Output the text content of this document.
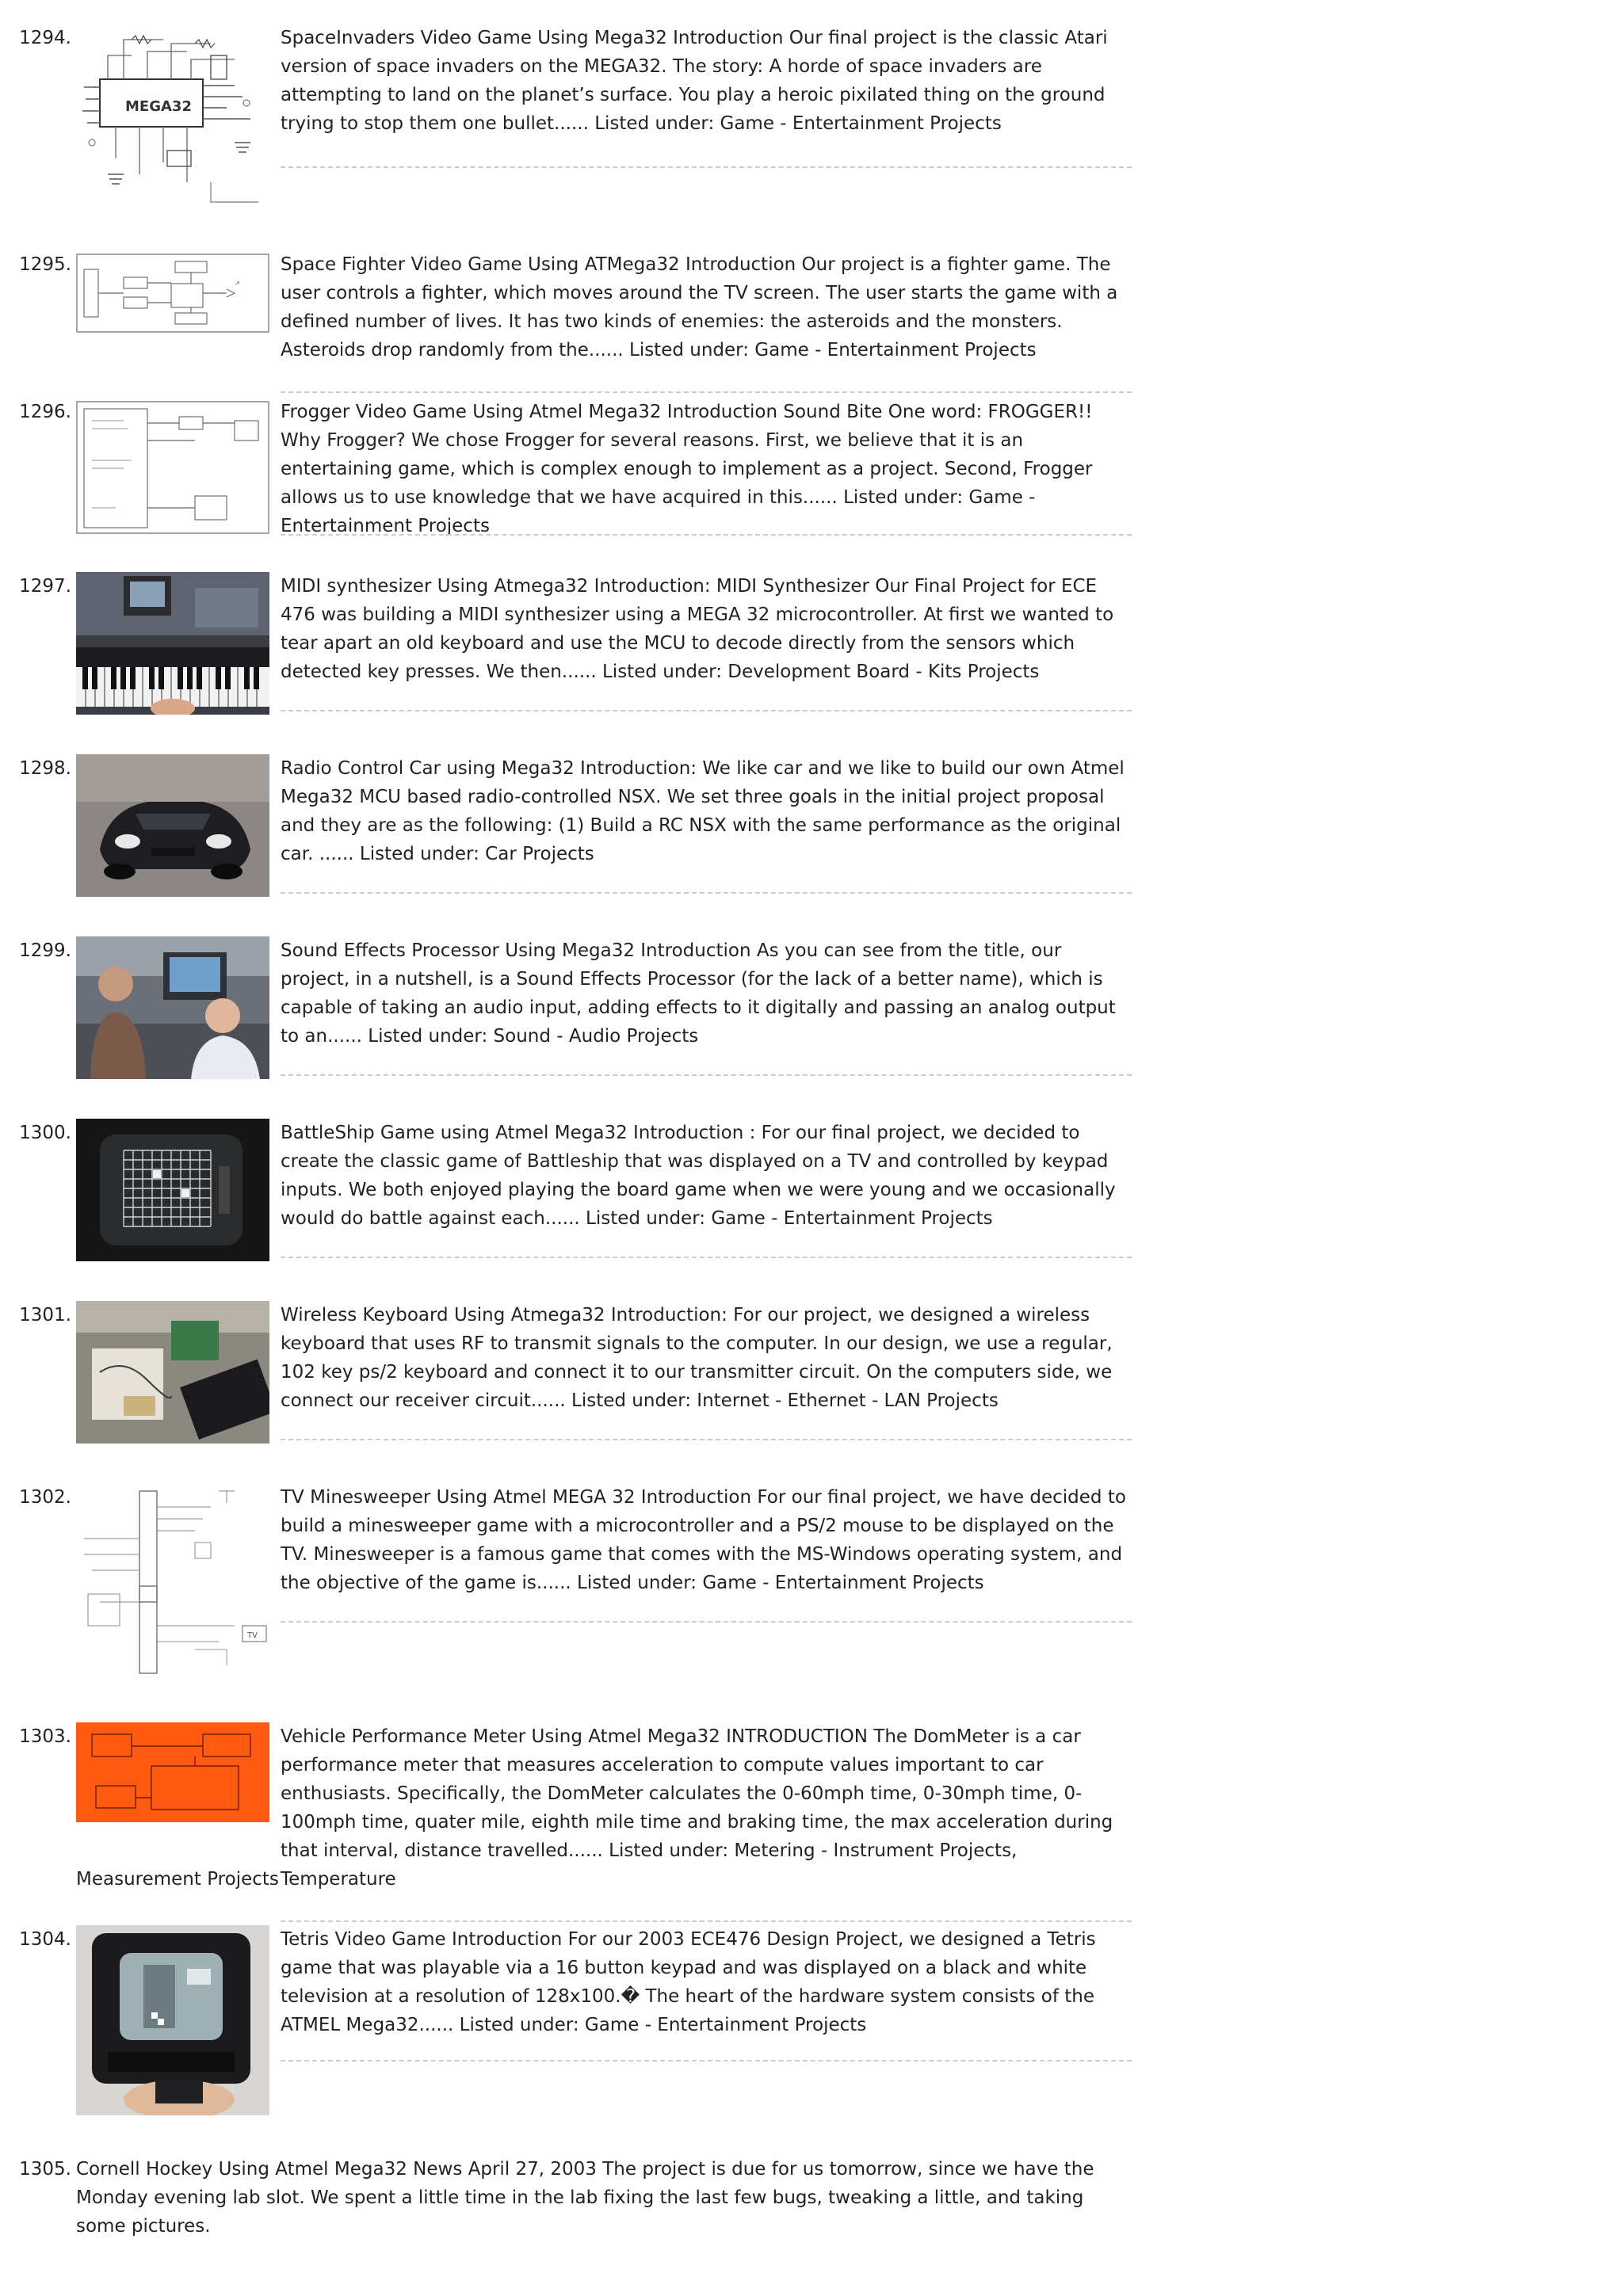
1294.
MEGA32

SpaceInvaders Video Game Using Mega32 Introduction Our final project is the classic Atari version of space invaders on the MEGA32. The story: A horde of space invaders are attempting to land on the planet’s surface. You play a heroic pixilated thing on the ground trying to stop them one bullet...... Listed under: Game - Entertainment Projects

1295.
↗

Space Fighter Video Game Using ATMega32 Introduction Our project is a fighter game. The user controls a fighter, which moves around the TV screen. The user starts the game with a defined number of lives. It has two kinds of enemies: the asteroids and the monsters. Asteroids drop randomly from the...... Listed under: Game - Entertainment Projects

1296.	Frogger Video Game Using Atmel Mega32 Introduction Sound Bite One word: FROGGER!! Why Frogger? We chose Frogger for several reasons. First, we believe that it is an entertaining game, which is complex enough to implement as a project. Second, Frogger allows us to use knowledge that we have acquired in this...... Listed under: Game - Entertainment Projects

1297.	MIDI synthesizer Using Atmega32 Introduction: MIDI Synthesizer Our Final Project for ECE 476 was building a MIDI synthesizer using a MEGA 32 microcontroller. At first we wanted to tear apart an old keyboard and use the MCU to decode directly from the sensors which detected key presses. We then...... Listed under: Development Board - Kits Projects

1298.	Radio Control Car using Mega32 Introduction: We like car and we like to build our own Atmel Mega32 MCU based radio-controlled NSX. We set three goals in the initial project proposal and they are as the following: (1) Build a RC NSX with the same performance as the original car. ...... Listed under: Car Projects

1299.	Sound Effects Processor Using Mega32 Introduction As you can see from the title, our project, in a nutshell, is a Sound Effects Processor (for the lack of a better name), which is capable of taking an audio input, adding effects to it digitally and passing an analog output to an...... Listed under: Sound - Audio Projects

1300.	BattleShip Game using Atmel Mega32 Introduction : For our final project, we decided to create the classic game of Battleship that was displayed on a TV and controlled by keypad inputs. We both enjoyed playing the board game when we were young and we occasionally would do battle against each...... Listed under: Game - Entertainment Projects

1301.	Wireless Keyboard Using Atmega32 Introduction: For our project, we designed a wireless keyboard that uses RF to transmit signals to the computer. In our design, we use a regular, 102 key ps/2 keyboard and connect it to our transmitter circuit. On the computers side, we connect our receiver circuit...... Listed under: Internet - Ethernet - LAN Projects

1302.
TV

TV Minesweeper Using Atmel MEGA 32 Introduction For our final project, we have decided to build a minesweeper game with a microcontroller and a PS/2 mouse to be displayed on the TV. Minesweeper is a famous game that comes with the MS-Windows operating system, and the objective of the game is...... Listed under: Game - Entertainment Projects

1303.	Vehicle Performance Meter Using Atmel Mega32 INTRODUCTION The DomMeter is a car performance meter that measures acceleration to compute values important to car enthusiasts. Specifically, the DomMeter calculates the 0-60mph time, 0-30mph time, 0-100mph time, quater mile, eighth mile time and braking time, the max acceleration during that interval, distance travelled...... Listed under: Metering - Instrument Projects, Temperature

Measurement Projects
1304.	Tetris Video Game Introduction For our 2003 ECE476 Design Project, we designed a Tetris game that was playable via a 16 button keypad and was displayed on a black and white television at a resolution of 128x100.� The heart of the hardware system consists of the ATMEL Mega32...... Listed under: Game - Entertainment Projects

1305. Cornell Hockey Using Atmel Mega32 News April 27, 2003 The project is due for us tomorrow, since we have the Monday evening lab slot. We spent a little time in the lab fixing the last few bugs, tweaking a little, and taking some pictures.
